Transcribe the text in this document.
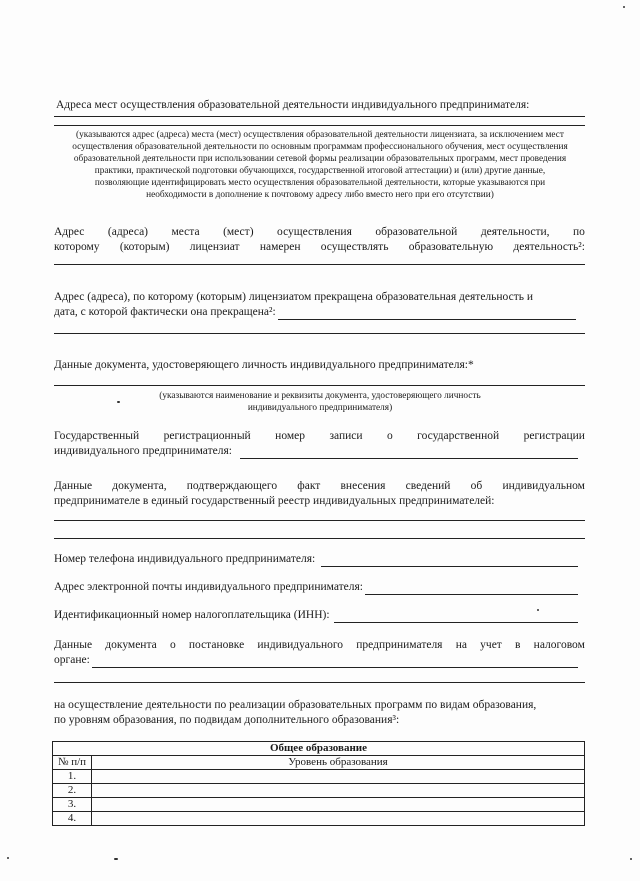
Адреса мест осуществления образовательной деятельности индивидуального предпринимателя:
(указываются адрес (адреса) места (мест) осуществления образовательной деятельности лицензиата, за исключением мест осуществления образовательной деятельности по основным программам профессионального обучения, мест осуществления образовательной деятельности при использовании сетевой формы реализации образовательных программ, мест проведения практики, практической подготовки обучающихся, государственной итоговой аттестации) и (или) другие данные, позволяющие идентифицировать место осуществления образовательной деятельности, которые указываются при необходимости в дополнение к почтовому адресу либо вместо него при его отсутствии)
Адрес (адреса) места (мест) осуществления образовательной деятельности, по
которому (которым) лицензиат намерен осуществлять образовательную деятельность²:
Адрес (адреса), по которому (которым) лицензиатом прекращена образовательная деятельность и
дата, с которой фактически она прекращена²:
Данные документа, удостоверяющего личность индивидуального предпринимателя:*
(указываются наименование и реквизиты документа, удостоверяющего личность индивидуального предпринимателя)
Государственный регистрационный номер записи о государственной регистрации
индивидуального предпринимателя:
Данные документа, подтверждающего факт внесения сведений об индивидуальном
предпринимателе в единый государственный реестр индивидуальных предпринимателей:
Номер телефона индивидуального предпринимателя:
Адрес электронной почты индивидуального предпринимателя:
Идентификационный номер налогоплательщика (ИНН):
Данные документа о постановке индивидуального предпринимателя на учет в налоговом
органе:
на осуществление деятельности по реализации образовательных программ по видам образования,
по уровням образования, по подвидам дополнительного образования³:
Общее образование	
№ п/п	Уровень образования
1.	
2.	
3.	
4.	
